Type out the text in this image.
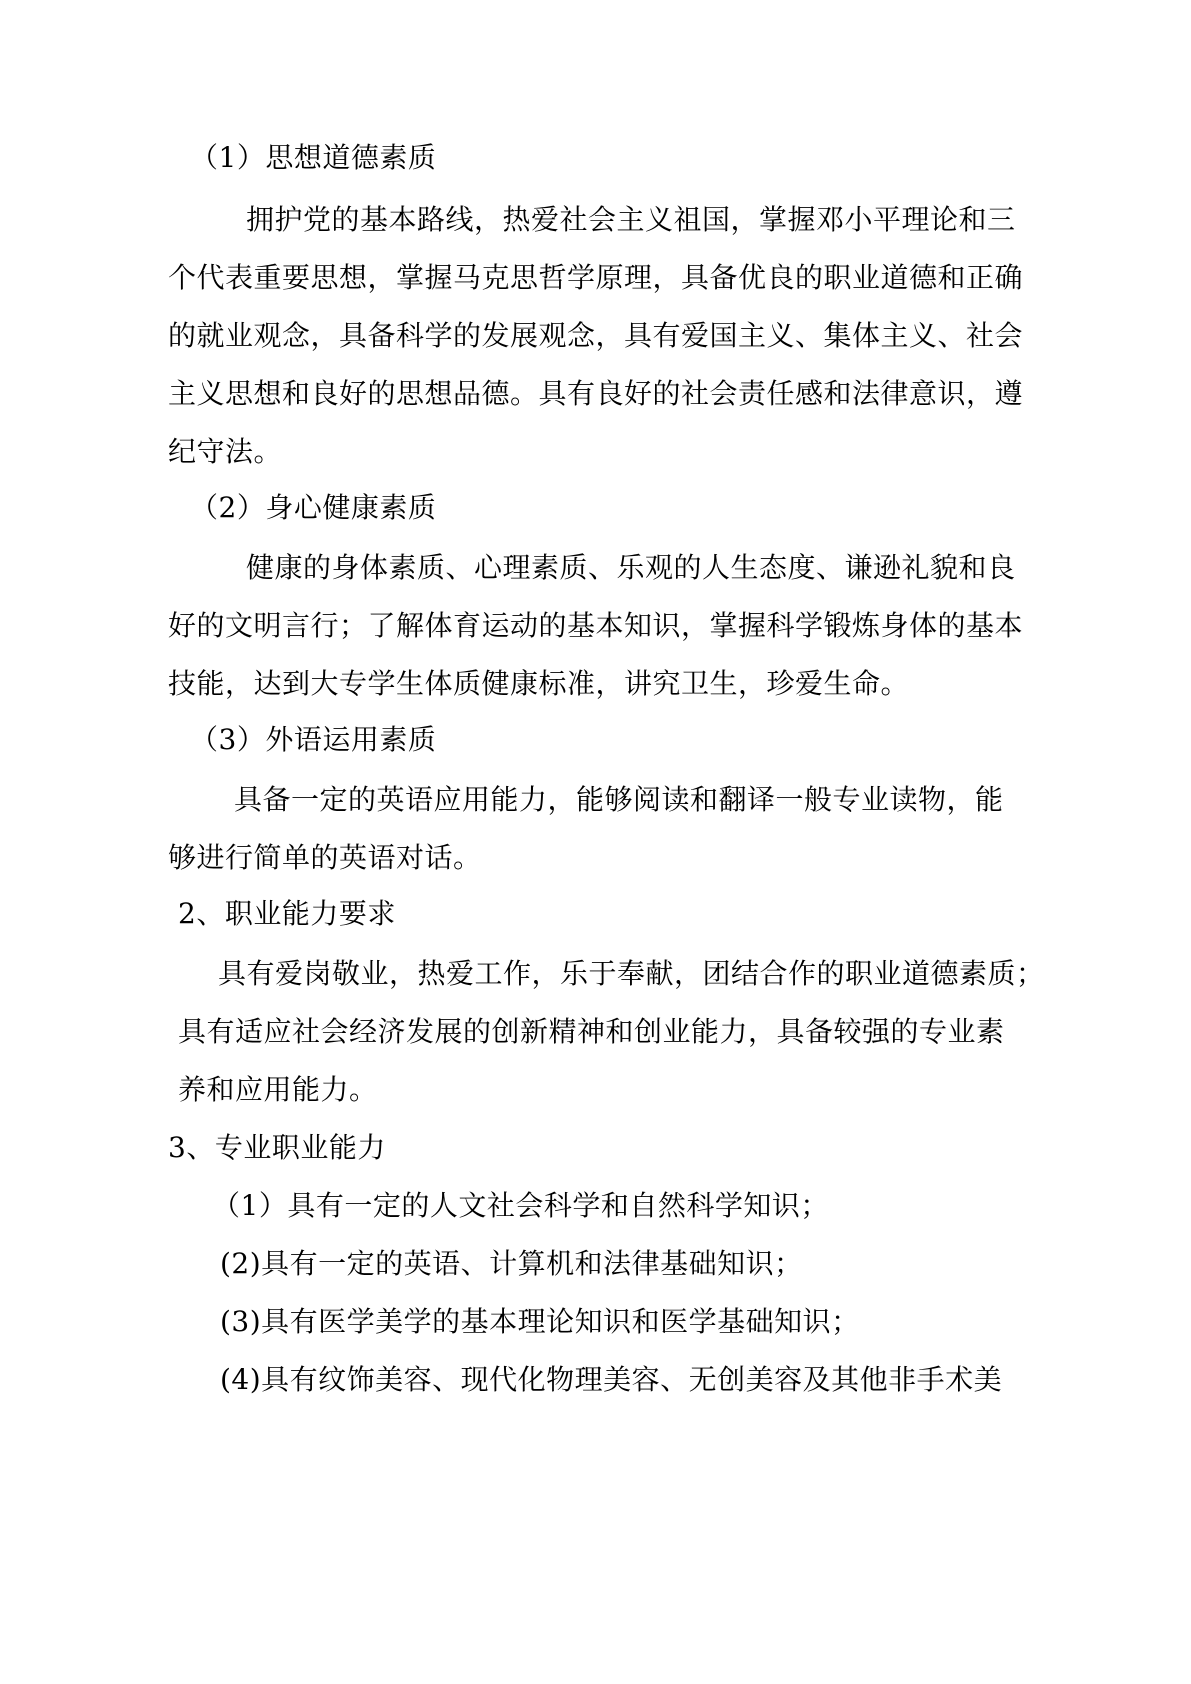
（1）思想道德素质
拥护党的基本路线，热爱社会主义祖国，掌握邓小平理论和三
个代表重要思想，掌握马克思哲学原理，具备优良的职业道德和正确
的就业观念，具备科学的发展观念，具有爱国主义、集体主义、社会
主义思想和良好的思想品德。具有良好的社会责任感和法律意识，遵
纪守法。
（2）身心健康素质
健康的身体素质、心理素质、乐观的人生态度、谦逊礼貌和良
好的文明言行；了解体育运动的基本知识，掌握科学锻炼身体的基本
技能，达到大专学生体质健康标准，讲究卫生，珍爱生命。
（3）外语运用素质
具备一定的英语应用能力，能够阅读和翻译一般专业读物，能
够进行简单的英语对话。
2、职业能力要求
具有爱岗敬业，热爱工作，乐于奉献，团结合作的职业道德素质；
具有适应社会经济发展的创新精神和创业能力，具备较强的专业素
养和应用能力。
3、专业职业能力
（1）具有一定的人文社会科学和自然科学知识；
(2)具有一定的英语、计算机和法律基础知识；
(3)具有医学美学的基本理论知识和医学基础知识；
(4)具有纹饰美容、现代化物理美容、无创美容及其他非手术美
